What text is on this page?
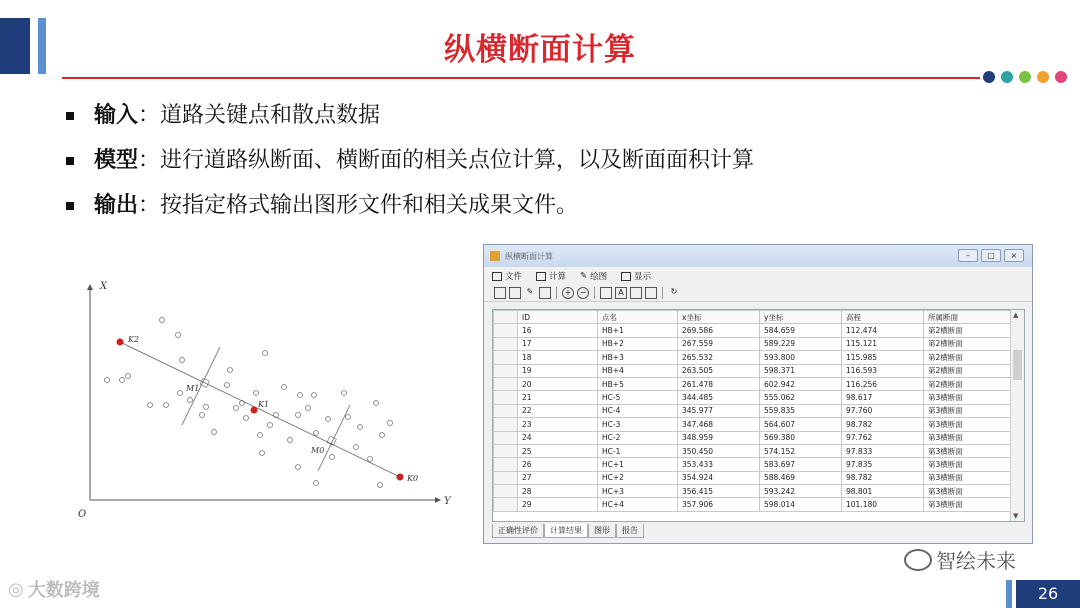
纵横断面计算
输入 ：道路关键点和散点数据
模型 ：进行道路纵断面、横断面的相关点位计算，以及断面面积计算
输出 ：按指定格式输出图形文件和相关成果文件。
Y
X
O
K2
K1
K0
M1
M0
纵横断面计算	–	□	×
文件	计算 ✎ 绘图	显示
✎	+	−	A	↻
	ID	点名	x坐标	y坐标	高程	所属断面
	16	HB+1	269.586	584.659	112.474	第2横断面
	17	HB+2	267.559	589.229	115.121	第2横断面
	18	HB+3	265.532	593.800	115.985	第2横断面
	19	HB+4	263.505	598.371	116.593	第2横断面
	20	HB+5	261.478	602.942	116.256	第2横断面
	21	HC-5	344.485	555.062	98.617	第3横断面
	22	HC-4	345.977	559.835	97.760	第3横断面
	23	HC-3	347.468	564.607	98.782	第3横断面
	24	HC-2	348.959	569.380	97.762	第3横断面
	25	HC-1	350.450	574.152	97.833	第3横断面
	26	HC+1	353.433	583.697	97.835	第3横断面
	27	HC+2	354.924	588.469	98.782	第3横断面
	28	HC+3	356.415	593.242	98.801	第3横断面
	29	HC+4	357.906	598.014	101.180	第3横断面
▲
▼
正确性评价	计算结果	图形	报告
智绘未来
◎ 大数跨境	26
